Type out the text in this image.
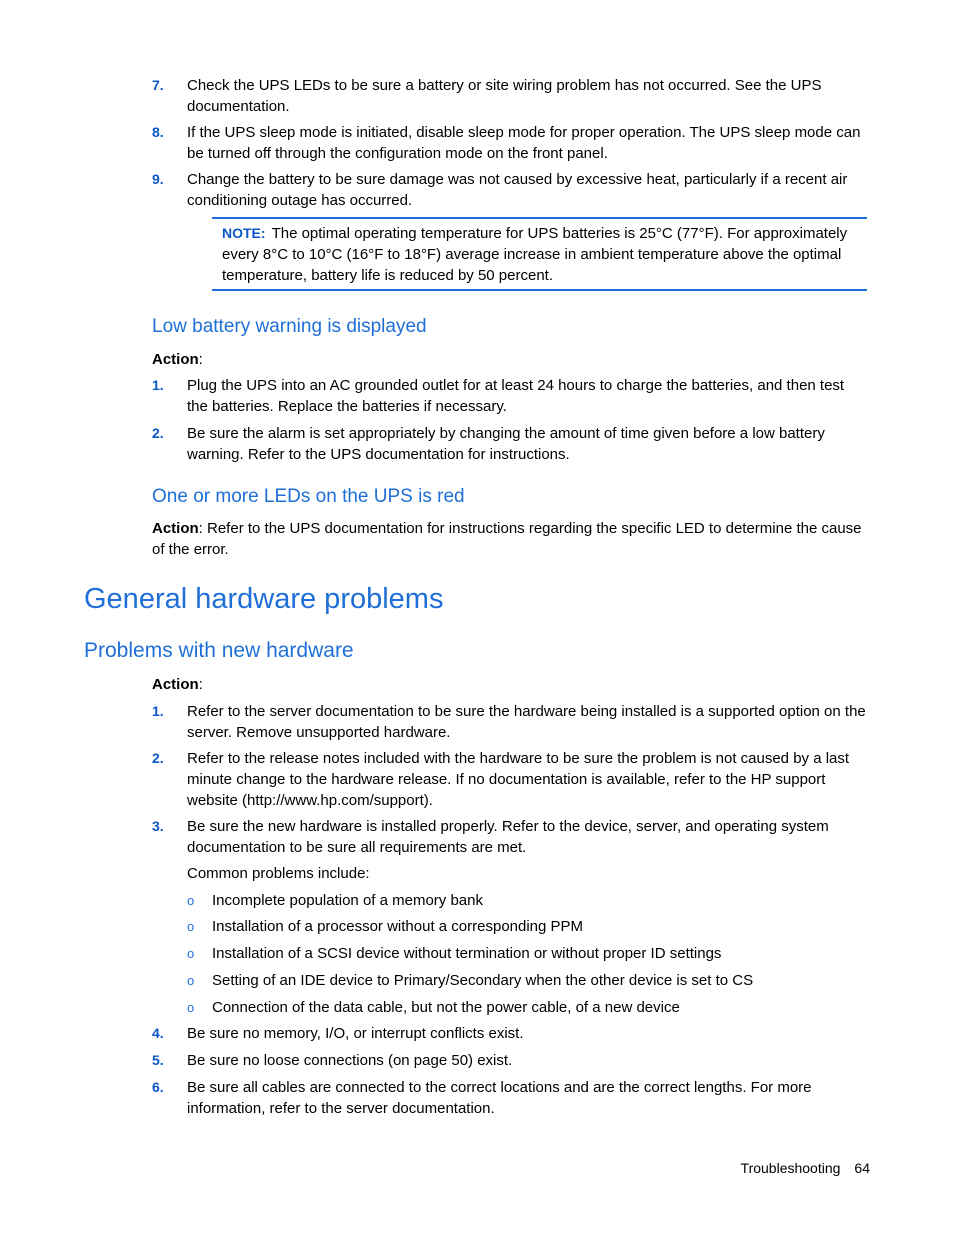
7. Check the UPS LEDs to be sure a battery or site wiring problem has not occurred. See the UPS documentation.
8. If the UPS sleep mode is initiated, disable sleep mode for proper operation. The UPS sleep mode can be turned off through the configuration mode on the front panel.
9. Change the battery to be sure damage was not caused by excessive heat, particularly if a recent air conditioning outage has occurred.
NOTE: The optimal operating temperature for UPS batteries is 25°C (77°F). For approximately every 8°C to 10°C (16°F to 18°F) average increase in ambient temperature above the optimal temperature, battery life is reduced by 50 percent.
Low battery warning is displayed
Action:
1. Plug the UPS into an AC grounded outlet for at least 24 hours to charge the batteries, and then test the batteries. Replace the batteries if necessary.
2. Be sure the alarm is set appropriately by changing the amount of time given before a low battery warning. Refer to the UPS documentation for instructions.
One or more LEDs on the UPS is red
Action: Refer to the UPS documentation for instructions regarding the specific LED to determine the cause of the error.
General hardware problems
Problems with new hardware
Action:
1. Refer to the server documentation to be sure the hardware being installed is a supported option on the server. Remove unsupported hardware.
2. Refer to the release notes included with the hardware to be sure the problem is not caused by a last minute change to the hardware release. If no documentation is available, refer to the HP support website (http://www.hp.com/support).
3. Be sure the new hardware is installed properly. Refer to the device, server, and operating system documentation to be sure all requirements are met.
Common problems include:
o Incomplete population of a memory bank
o Installation of a processor without a corresponding PPM
o Installation of a SCSI device without termination or without proper ID settings
o Setting of an IDE device to Primary/Secondary when the other device is set to CS
o Connection of the data cable, but not the power cable, of a new device
4. Be sure no memory, I/O, or interrupt conflicts exist.
5. Be sure no loose connections (on page 50) exist.
6. Be sure all cables are connected to the correct locations and are the correct lengths. For more information, refer to the server documentation.
Troubleshooting 64
